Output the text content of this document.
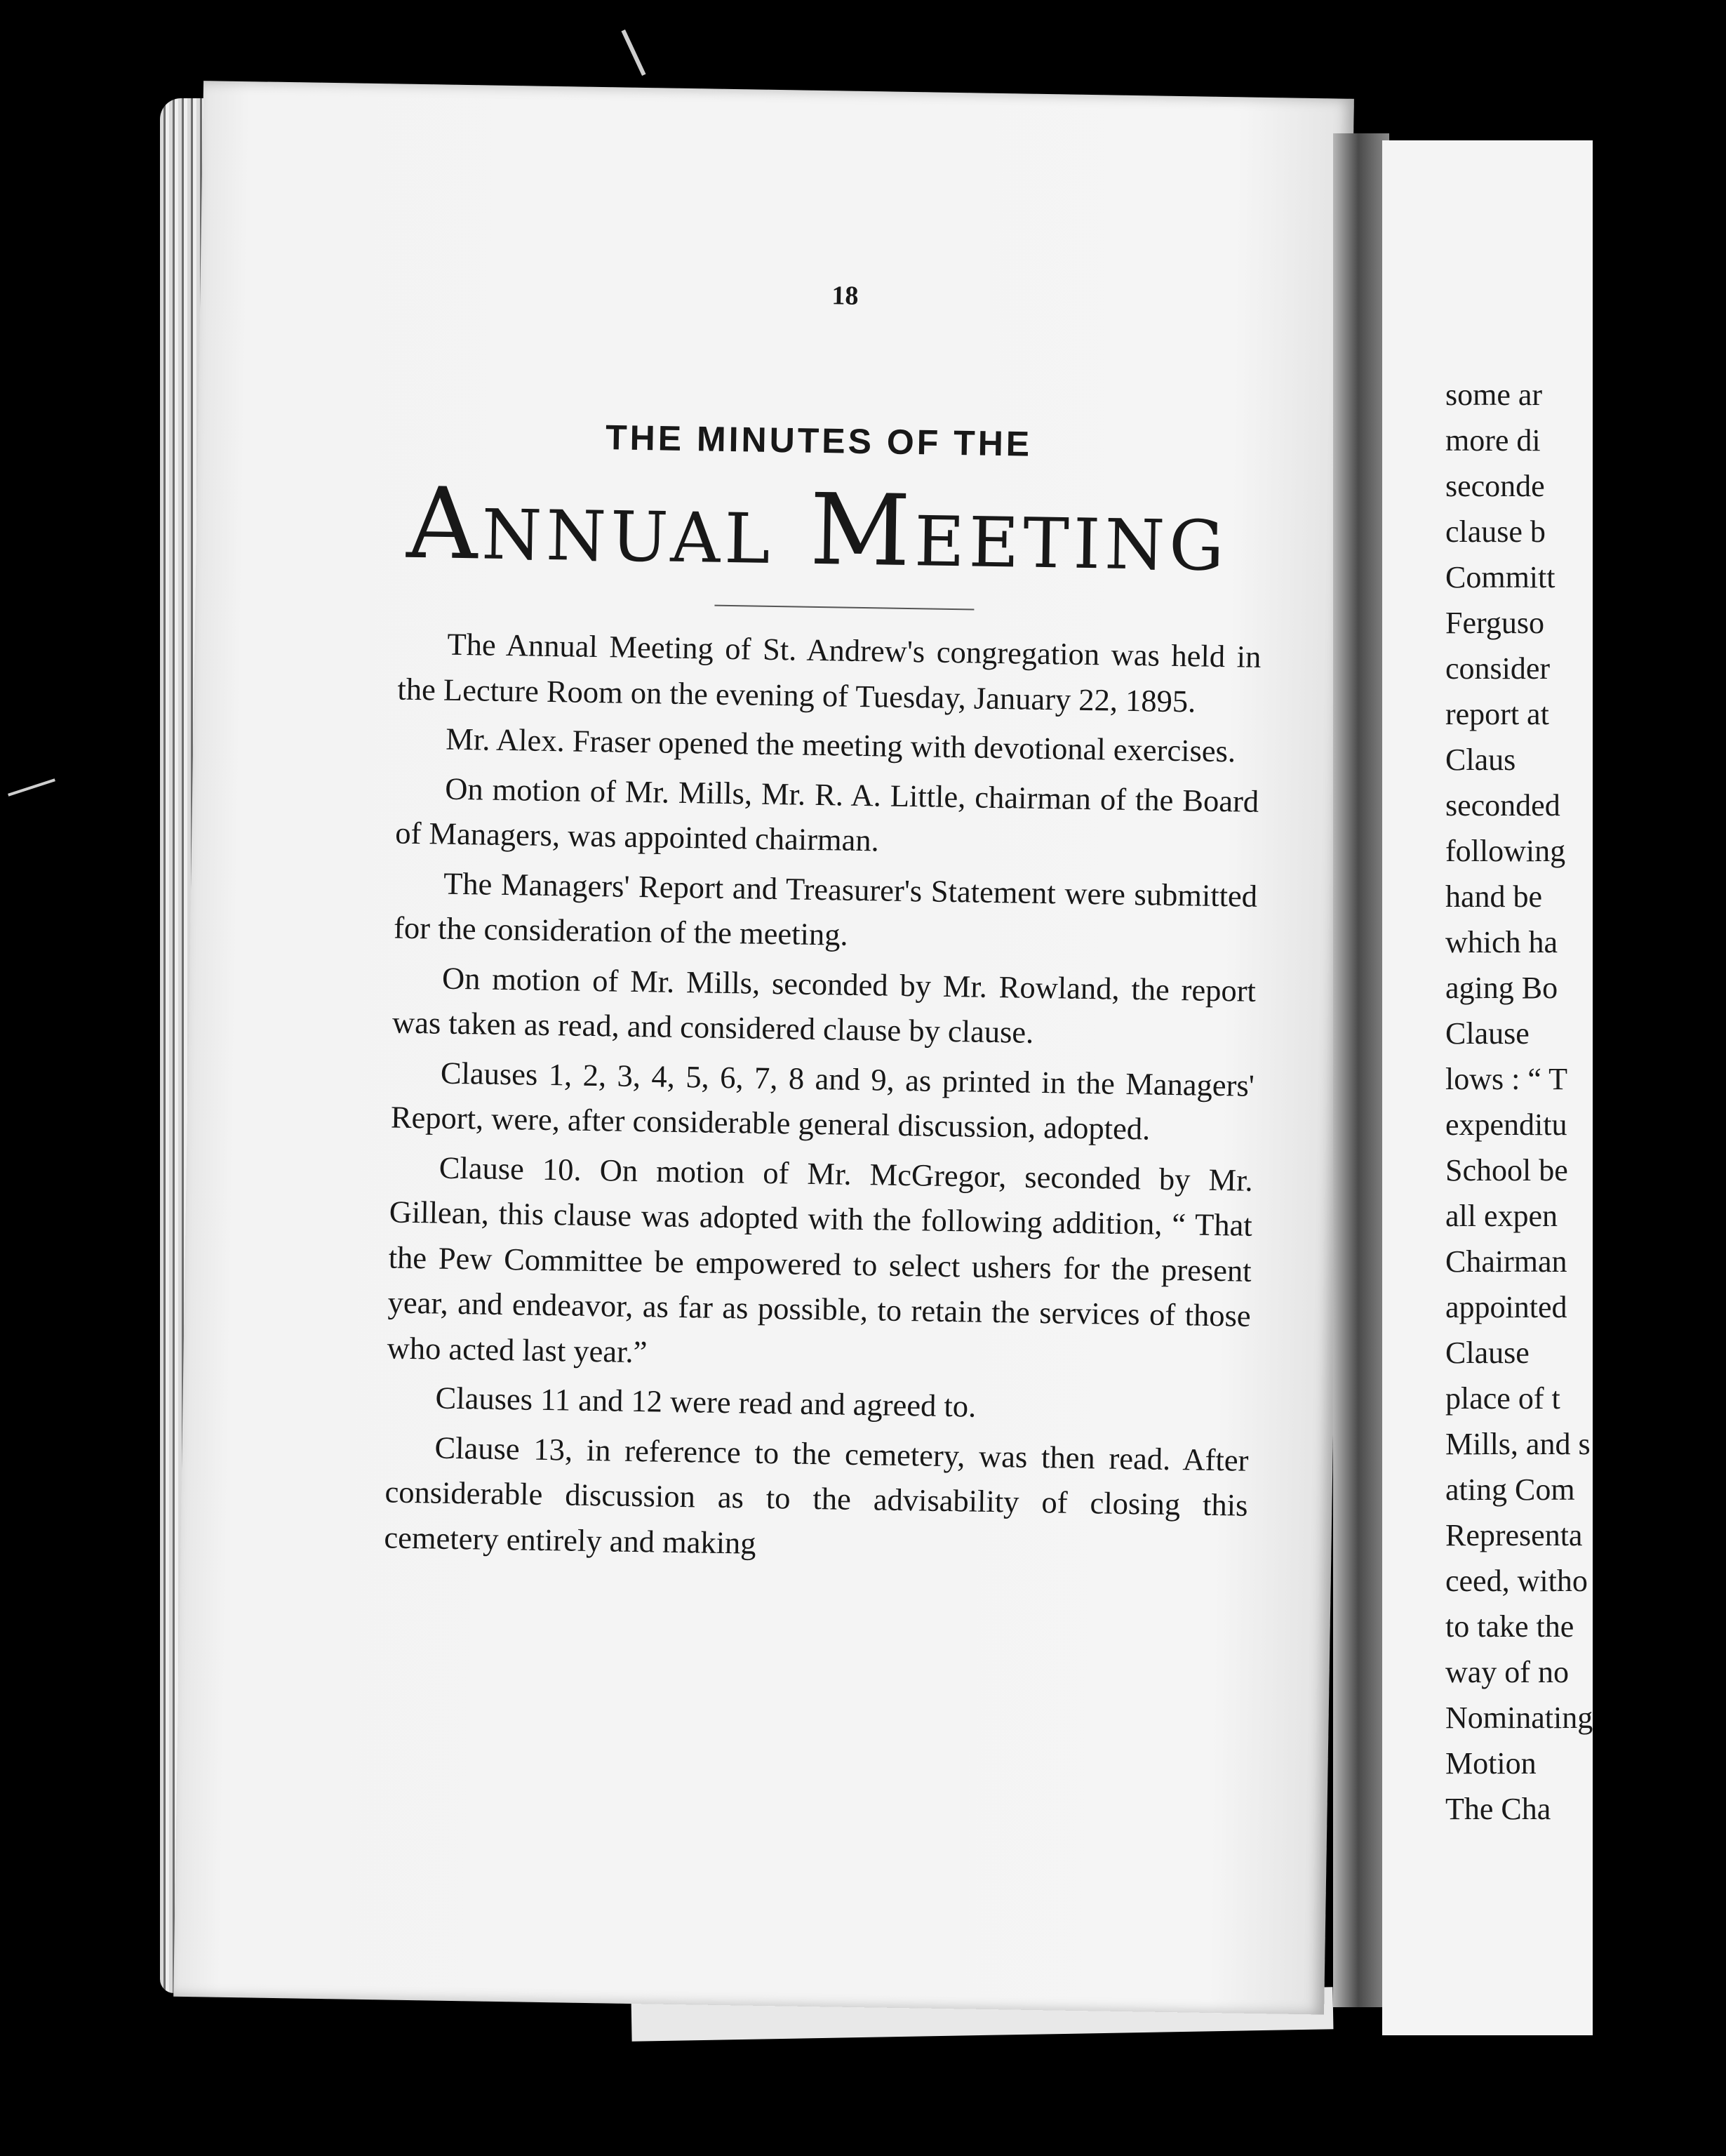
18
THE MINUTES OF THE
Annual Meeting

The Annual Meeting of St. Andrew's congregation was held in the Lecture Room on the evening of Tuesday, January 22, 1895.

Mr. Alex. Fraser opened the meeting with devotional exercises.

On motion of Mr. Mills, Mr. R. A. Little, chairman of the Board of Managers, was appointed chairman.

The Managers' Report and Treasurer's Statement were submitted for the consideration of the meeting.

On motion of Mr. Mills, seconded by Mr. Rowland, the report was taken as read, and considered clause by clause.

Clauses 1, 2, 3, 4, 5, 6, 7, 8 and 9, as printed in the Managers' Report, were, after considerable general discussion, adopted.

Clause 10. On motion of Mr. McGregor, seconded by Mr. Gillean, this clause was adopted with the following addition, “ That the Pew Committee be empowered to select ushers for the present year, and endeavor, as far as possible, to retain the services of those who acted last year.”

Clauses 11 and 12 were read and agreed to.

Clause 13, in reference to the cemetery, was then read. After considerable discussion as to the advisability of closing this cemetery entirely and making

some ar
more di
seconde
clause b
Committ
Ferguso
consider
report at
Claus
seconded
following
hand be
which ha
aging Bo
Clause
lows : “ T
expenditu
School be
all expen
Chairman
appointed
Clause
place of t
Mills, and s
ating Com
Representa
ceed, witho
to take the
way of no
Nominating
Motion
The Cha
